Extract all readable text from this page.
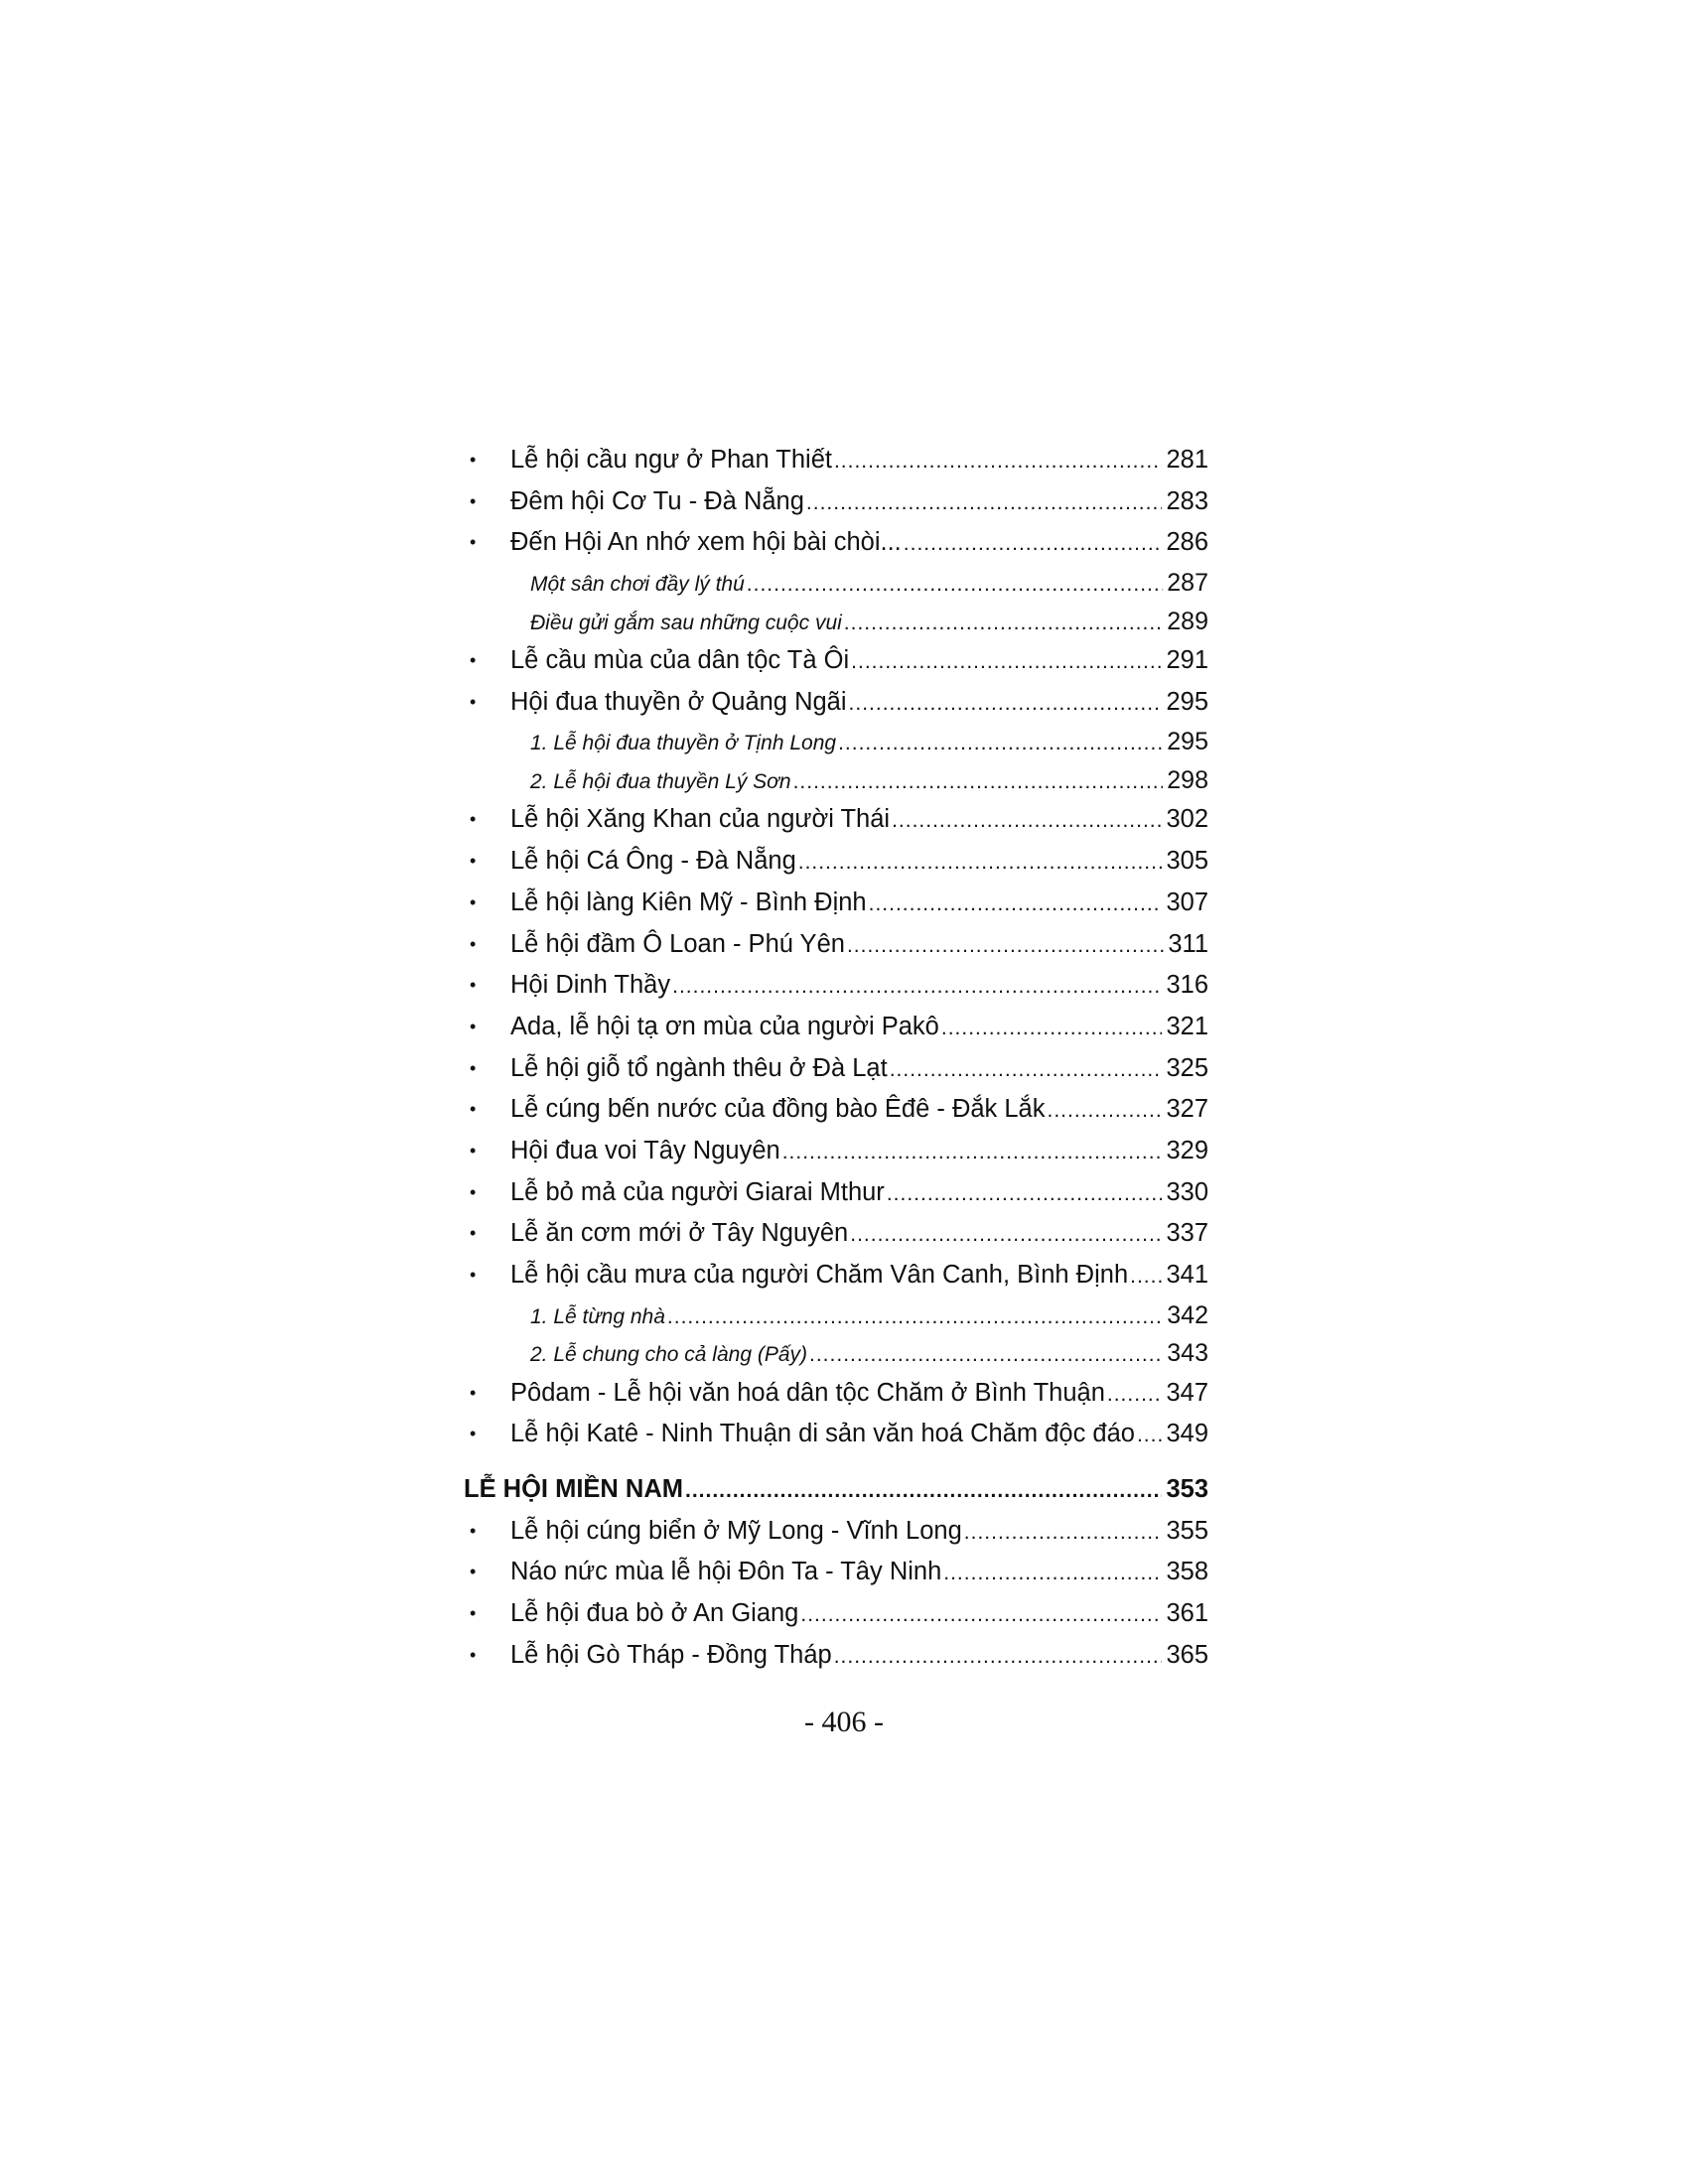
•	Lễ hội cầu ngư ở Phan Thiết .....	281
•	Đêm hội Cơ Tu - Đà Nẵng .....	283
•	Đến Hội An nhớ xem hội bài chòi... .....	286
Một sân chơi đầy lý thú .....	287
Điều gửi gắm sau những cuộc vui .....	289
•	Lễ cầu mùa của dân tộc Tà Ôi .....	291
•	Hội đua thuyền ở Quảng Ngãi .....	295
1. Lễ hội đua thuyền ở Tịnh Long .....	295
2. Lễ hội đua thuyền Lý Sơn .....	298
•	Lễ hội Xăng Khan của người Thái .....	302
•	Lễ hội Cá Ông - Đà Nẵng .....	305
•	Lễ hội làng Kiên Mỹ - Bình Định .....	307
•	Lễ hội đầm Ô Loan - Phú Yên .....	311
•	Hội Dinh Thầy .....	316
•	Ada, lễ hội tạ ơn mùa của người Pakô .....	321
•	Lễ hội giỗ tổ ngành thêu ở Đà Lạt .....	325
•	Lễ cúng bến nước của đồng bào Êđê - Đắk Lắk .....	327
•	Hội đua voi Tây Nguyên .....	329
•	Lễ bỏ mả của người Giarai Mthur .....	330
•	Lễ ăn cơm mới ở Tây Nguyên .....	337
•	Lễ hội cầu mưa của người Chăm Vân Canh, Bình Định ..... 341
1. Lễ từng nhà .....	342
2. Lễ chung cho cả làng (Pấy) .....	343
•	Pôdam - Lễ hội văn hoá dân tộc Chăm ở Bình Thuận ..... 347
•	Lễ hội Katê - Ninh Thuận di sản văn hoá Chăm độc đáo ..... 349
LỄ HỘI MIỀN NAM .....	353
•	Lễ hội cúng biển ở Mỹ Long - Vĩnh Long .....	355
•	Náo nức mùa lễ hội Đôn Ta - Tây Ninh .....	358
•	Lễ hội đua bò ở An Giang .....	361
•	Lễ hội Gò Tháp - Đồng Tháp .....	365
- 406 -
